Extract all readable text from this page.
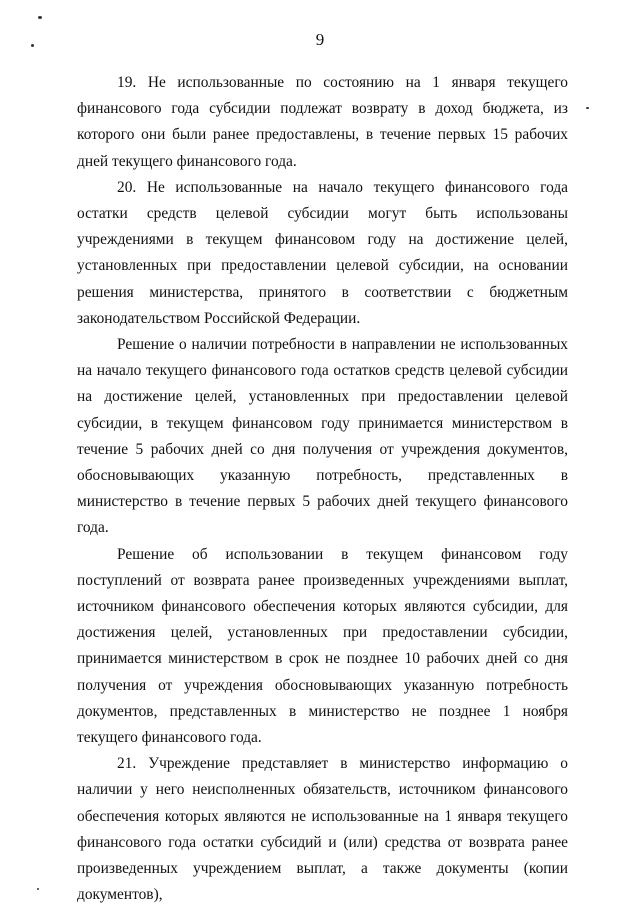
9

19. Не использованные по состоянию на 1 января текущего финансового года субсидии подлежат возврату в доход бюджета, из которого они были ранее предоставлены, в течение первых 15 рабочих дней текущего финансового года.

20. Не использованные на начало текущего финансового года остатки средств целевой субсидии могут быть использованы учреждениями в текущем финансовом году на достижение целей, установленных при предоставлении целевой субсидии, на основании решения министерства, принятого в соответствии с бюджетным законодательством Российской Федерации.

Решение о наличии потребности в направлении не использованных на начало текущего финансового года остатков средств целевой субсидии на достижение целей, установленных при предоставлении целевой субсидии, в текущем финансовом году принимается министерством в течение 5 рабочих дней со дня получения от учреждения документов, обосновывающих указанную потребность, представленных в министерство в течение первых 5 рабочих дней текущего финансового года.

Решение об использовании в текущем финансовом году поступлений от возврата ранее произведенных учреждениями выплат, источником финансового обеспечения которых являются субсидии, для достижения целей, установленных при предоставлении субсидии, принимается министерством в срок не позднее 10 рабочих дней со дня получения от учреждения обосновывающих указанную потребность документов, представленных в министерство не позднее 1 ноября текущего финансового года.

21. Учреждение представляет в министерство информацию о наличии у него неисполненных обязательств, источником финансового обеспечения которых являются не использованные на 1 января текущего финансового года остатки субсидий и (или) средства от возврата ранее произведенных учреждением выплат, а также документы (копии документов),
